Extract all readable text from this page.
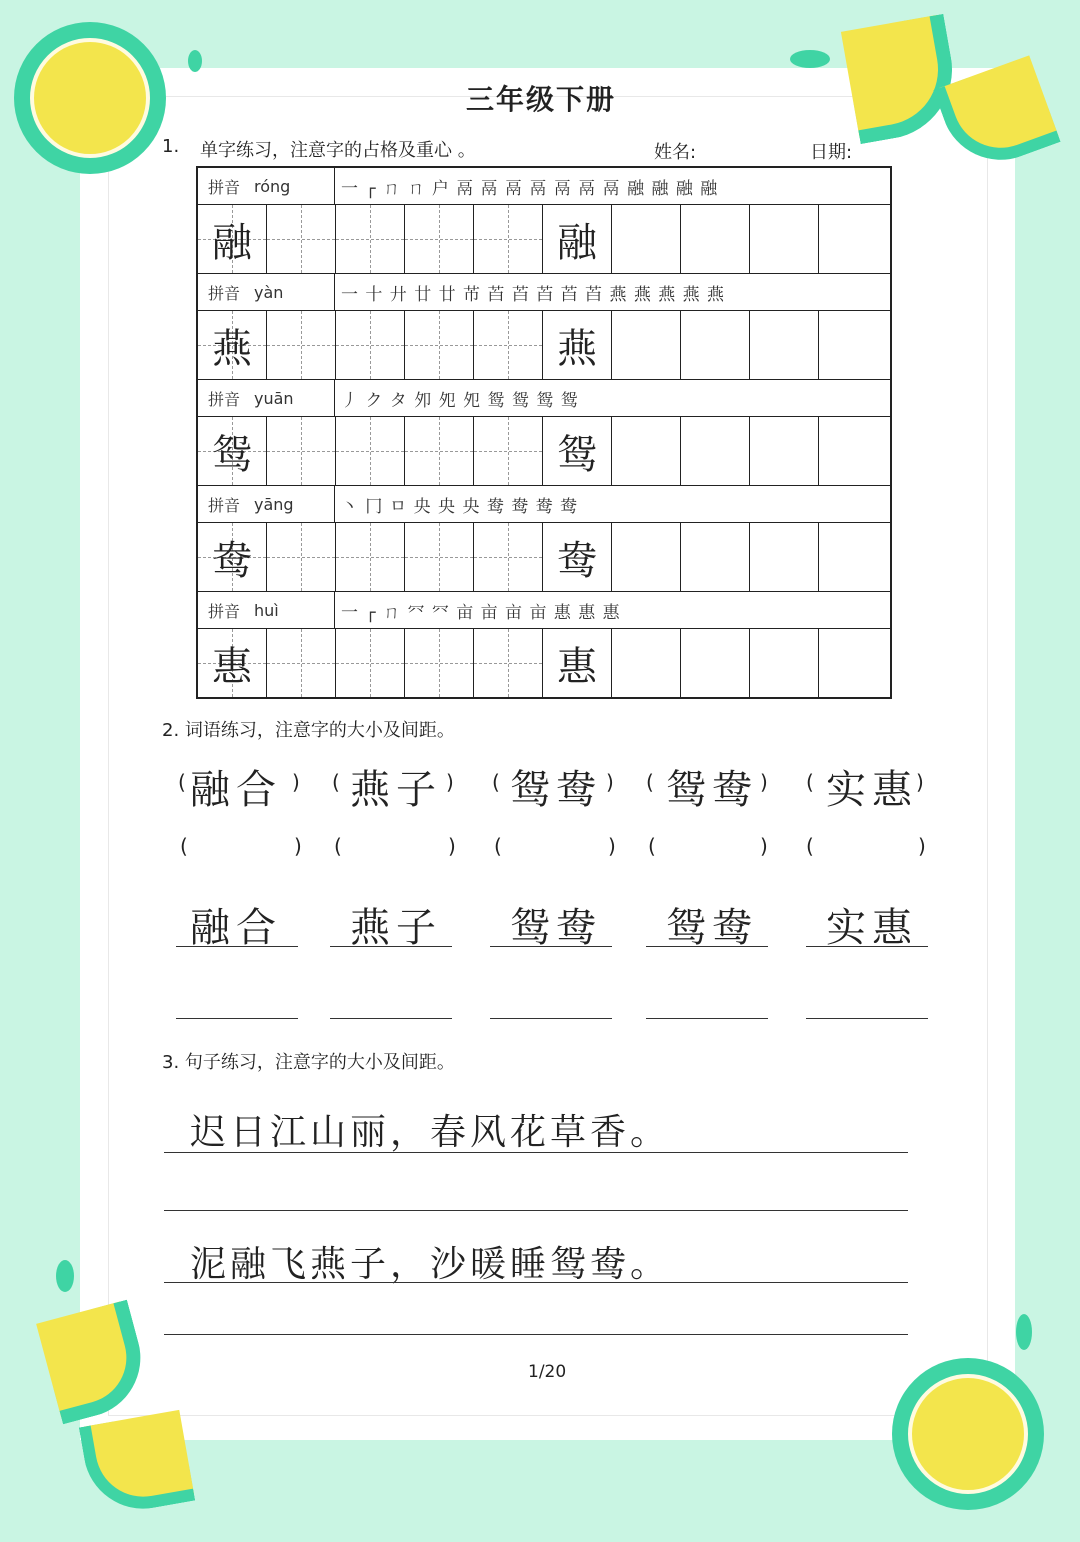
三年级下册
1. 单字练习，注意字的占格及重心 。	姓名:	日期:
拼音 róng	一 ┌ ㄇ ㄇ 户 鬲 鬲 鬲 鬲 鬲 鬲 鬲 融 融 融 融
融	融
拼音 yàn	一 十 廾 廿 廿 芇 苩 苩 苩 苩 苩 燕 燕 燕 燕 燕
燕	燕
拼音 yuān	丿 ク タ 夘 夗 夗 鸳 鸳 鸳 鸳
鸳	鸳
拼音 yāng	丶 冂 ㅁ 央 央 央 鸯 鸯 鸯 鸯
鸯	鸯
拼音 huì	一 ┌ ㄇ 㓁 㓁 亩 亩 亩 亩 惠 惠 惠
惠	惠
2. 词语练习，注意字的大小及间距。
( 融合 ) ( 燕子 ) ( 鸳鸯 ) ( 鸳鸯 ) ( 实惠
)
(	) (	) (	) (	) (	)
融合 燕子 鸳鸯 鸳鸯 实惠
3. 句子练习，注意字的大小及间距。
迟日江山丽，春风花草香。
泥融飞燕子，沙暖睡鸳鸯。
1/20
